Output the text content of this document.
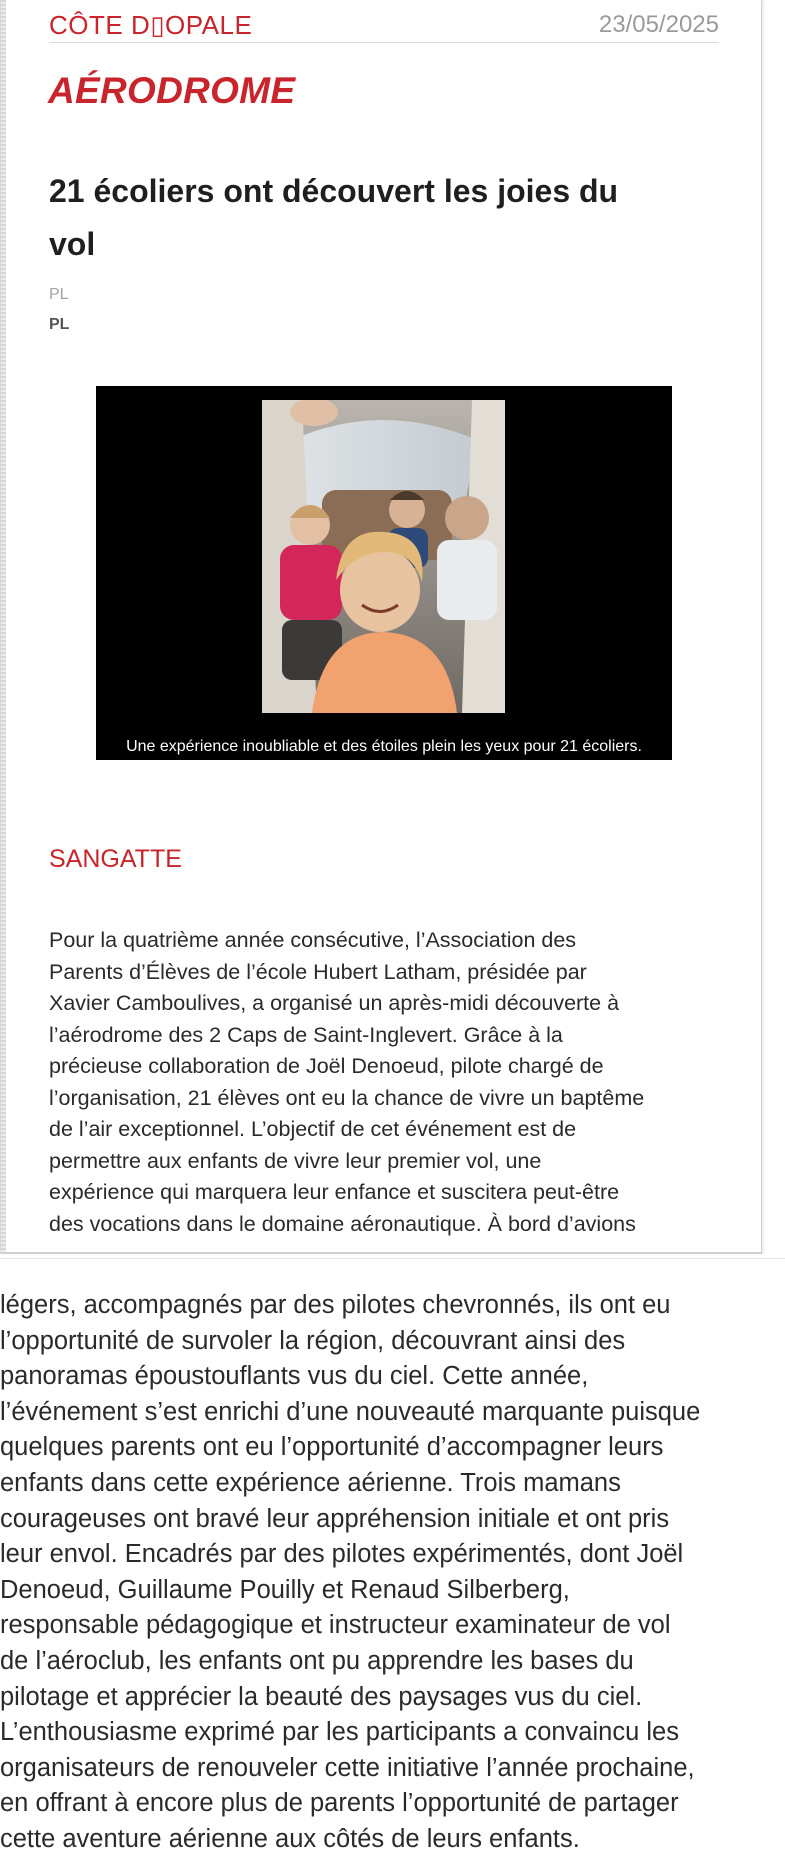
CÔTE D▯OPALE	23/05/2025
AÉRODROME
21 écoliers ont découvert les joies du
vol
PL
PL
Une expérience inoubliable et des étoiles plein les yeux pour 21 écoliers.
SANGATTE
Pour la quatrième année consécutive, l’Association des
Parents d’Élèves de l’école Hubert Latham, présidée par
Xavier Camboulives, a organisé un après-midi découverte à
l’aérodrome des 2 Caps de Saint-Inglevert. Grâce à la
précieuse collaboration de Joël Denoeud, pilote chargé de
l’organisation, 21 élèves ont eu la chance de vivre un baptême
de l’air exceptionnel. L’objectif de cet événement est de
permettre aux enfants de vivre leur premier vol, une
expérience qui marquera leur enfance et suscitera peut-être
des vocations dans le domaine aéronautique. À bord d’avions
légers, accompagnés par des pilotes chevronnés, ils ont eu
l’opportunité de survoler la région, découvrant ainsi des
panoramas époustouflants vus du ciel. Cette année,
l’événement s’est enrichi d’une nouveauté marquante puisque
quelques parents ont eu l’opportunité d’accompagner leurs
enfants dans cette expérience aérienne. Trois mamans
courageuses ont bravé leur appréhension initiale et ont pris
leur envol. Encadrés par des pilotes expérimentés, dont Joël
Denoeud, Guillaume Pouilly et Renaud Silberberg,
responsable pédagogique et instructeur examinateur de vol
de l’aéroclub, les enfants ont pu apprendre les bases du
pilotage et apprécier la beauté des paysages vus du ciel.
L’enthousiasme exprimé par les participants a convaincu les
organisateurs de renouveler cette initiative l’année prochaine,
en offrant à encore plus de parents l’opportunité de partager
cette aventure aérienne aux côtés de leurs enfants.
